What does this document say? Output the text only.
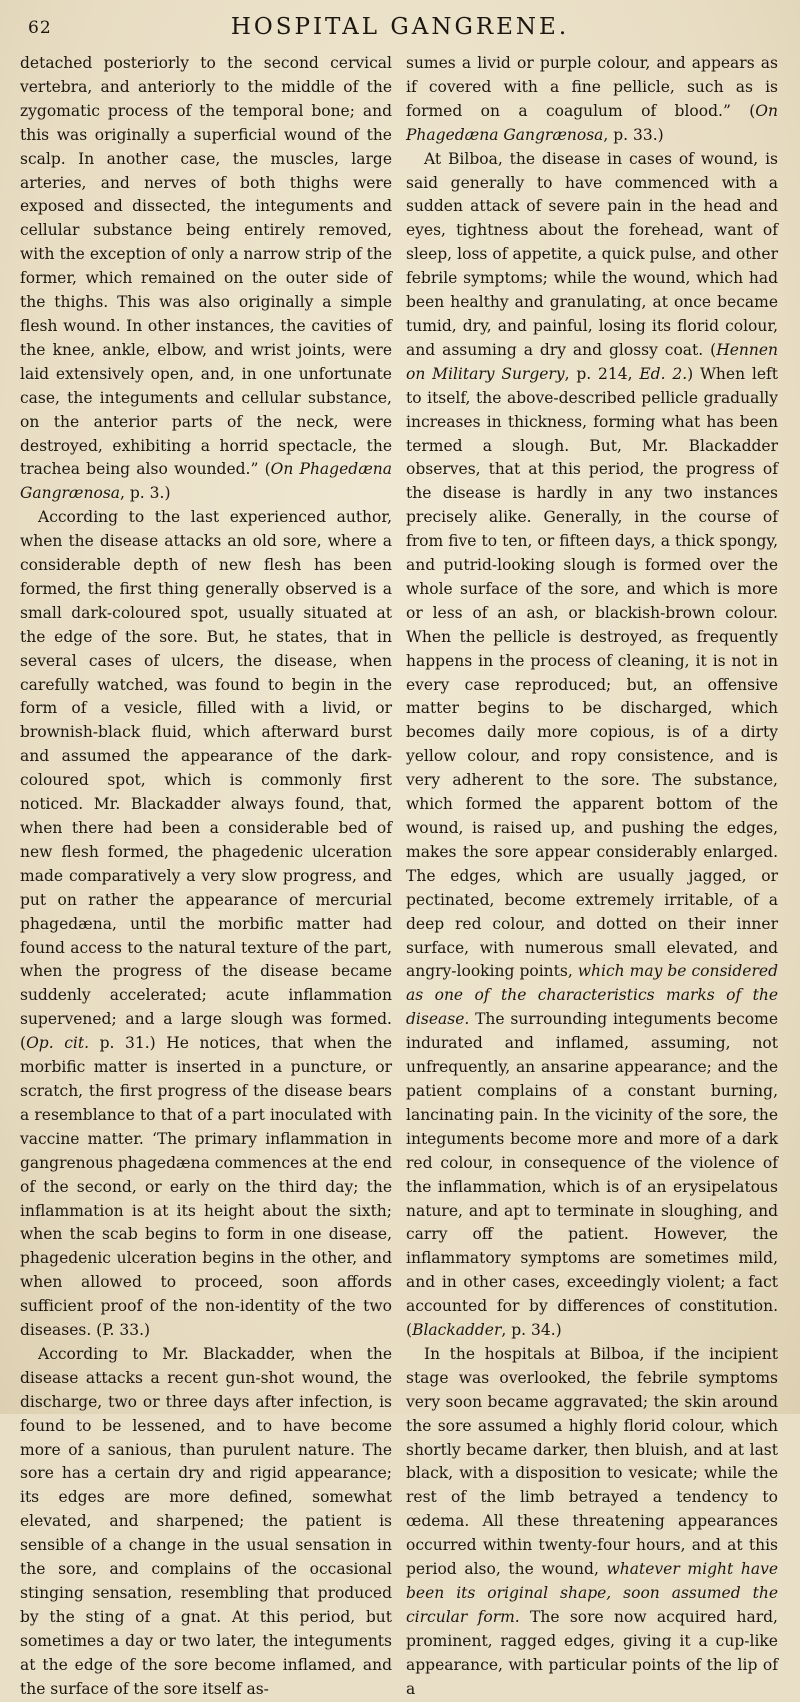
62	HOSPITAL GANGRENE.

detached posteriorly to the second cervical vertebra, and anteriorly to the middle of the zygomatic process of the temporal bone; and this was originally a superficial wound of the scalp. In another case, the muscles, large arteries, and nerves of both thighs were exposed and dissected, the integuments and cellular substance being entirely removed, with the exception of only a narrow strip of the former, which remained on the outer side of the thighs. This was also originally a simple flesh wound. In other instances, the cavities of the knee, ankle, elbow, and wrist joints, were laid extensively open, and, in one unfortunate case, the integuments and cellular substance, on the anterior parts of the neck, were destroyed, exhibiting a horrid spectacle, the trachea being also wounded.” (On Phagedæna Gangrænosa, p. 3.)

According to the last experienced author, when the disease attacks an old sore, where a considerable depth of new flesh has been formed, the first thing generally observed is a small dark-coloured spot, usually situated at the edge of the sore. But, he states, that in several cases of ulcers, the disease, when carefully watched, was found to begin in the form of a vesicle, filled with a livid, or brownish-black fluid, which afterward burst and assumed the appearance of the dark-coloured spot, which is commonly first noticed. Mr. Blackadder always found, that, when there had been a considerable bed of new flesh formed, the phagedenic ulceration made comparatively a very slow progress, and put on rather the appearance of mercurial phagedæna, until the morbific matter had found access to the natural texture of the part, when the progress of the disease became suddenly accelerated; acute inflammation supervened; and a large slough was formed. (Op. cit. p. 31.) He notices, that when the morbific matter is inserted in a puncture, or scratch, the first progress of the disease bears a resemblance to that of a part inoculated with vaccine matter. ‘The primary inflammation in gangrenous phagedæna commences at the end of the second, or early on the third day; the inflammation is at its height about the sixth; when the scab begins to form in one disease, phagedenic ulceration begins in the other, and when allowed to proceed, soon affords sufficient proof of the non-identity of the two diseases. (P. 33.)

According to Mr. Blackadder, when the disease attacks a recent gun-shot wound, the discharge, two or three days after infection, is found to be lessened, and to have become more of a sanious, than purulent nature. The sore has a certain dry and rigid appearance; its edges are more defined, somewhat elevated, and sharpened; the patient is sensible of a change in the usual sensation in the sore, and complains of the occasional stinging sensation, resembling that produced by the sting of a gnat. At this period, but sometimes a day or two later, the integuments at the edge of the sore become inflamed, and the surface of the sore itself as-

sumes a livid or purple colour, and appears as if covered with a fine pellicle, such as is formed on a coagulum of blood.” (On Phagedæna Gangrænosa, p. 33.)

At Bilboa, the disease in cases of wound, is said generally to have commenced with a sudden attack of severe pain in the head and eyes, tightness about the forehead, want of sleep, loss of appetite, a quick pulse, and other febrile symptoms; while the wound, which had been healthy and granulating, at once became tumid, dry, and painful, losing its florid colour, and assuming a dry and glossy coat. (Hennen on Military Surgery, p. 214, Ed. 2.) When left to itself, the above-described pellicle gradually increases in thickness, forming what has been termed a slough. But, Mr. Blackadder observes, that at this period, the progress of the disease is hardly in any two instances precisely alike. Generally, in the course of from five to ten, or fifteen days, a thick spongy, and putrid-looking slough is formed over the whole surface of the sore, and which is more or less of an ash, or blackish-brown colour. When the pellicle is destroyed, as frequently happens in the process of cleaning, it is not in every case reproduced; but, an offensive matter begins to be discharged, which becomes daily more copious, is of a dirty yellow colour, and ropy consistence, and is very adherent to the sore. The substance, which formed the apparent bottom of the wound, is raised up, and pushing the edges, makes the sore appear considerably enlarged. The edges, which are usually jagged, or pectinated, become extremely irritable, of a deep red colour, and dotted on their inner surface, with numerous small elevated, and angry-looking points, which may be considered as one of the characteristics marks of the disease. The surrounding integuments become indurated and inflamed, assuming, not unfrequently, an ansarine appearance; and the patient complains of a constant burning, lancinating pain. In the vicinity of the sore, the integuments become more and more of a dark red colour, in consequence of the violence of the inflammation, which is of an erysipelatous nature, and apt to terminate in sloughing, and carry off the patient. However, the inflammatory symptoms are sometimes mild, and in other cases, exceedingly violent; a fact accounted for by differences of constitution. (Blackadder, p. 34.)

In the hospitals at Bilboa, if the incipient stage was overlooked, the febrile symptoms very soon became aggravated; the skin around the sore assumed a highly florid colour, which shortly became darker, then bluish, and at last black, with a disposition to vesicate; while the rest of the limb betrayed a tendency to œdema. All these threatening appearances occurred within twenty-four hours, and at this period also, the wound, whatever might have been its original shape, soon assumed the circular form. The sore now acquired hard, prominent, ragged edges, giving it a cup-like appearance, with particular points of the lip of a
